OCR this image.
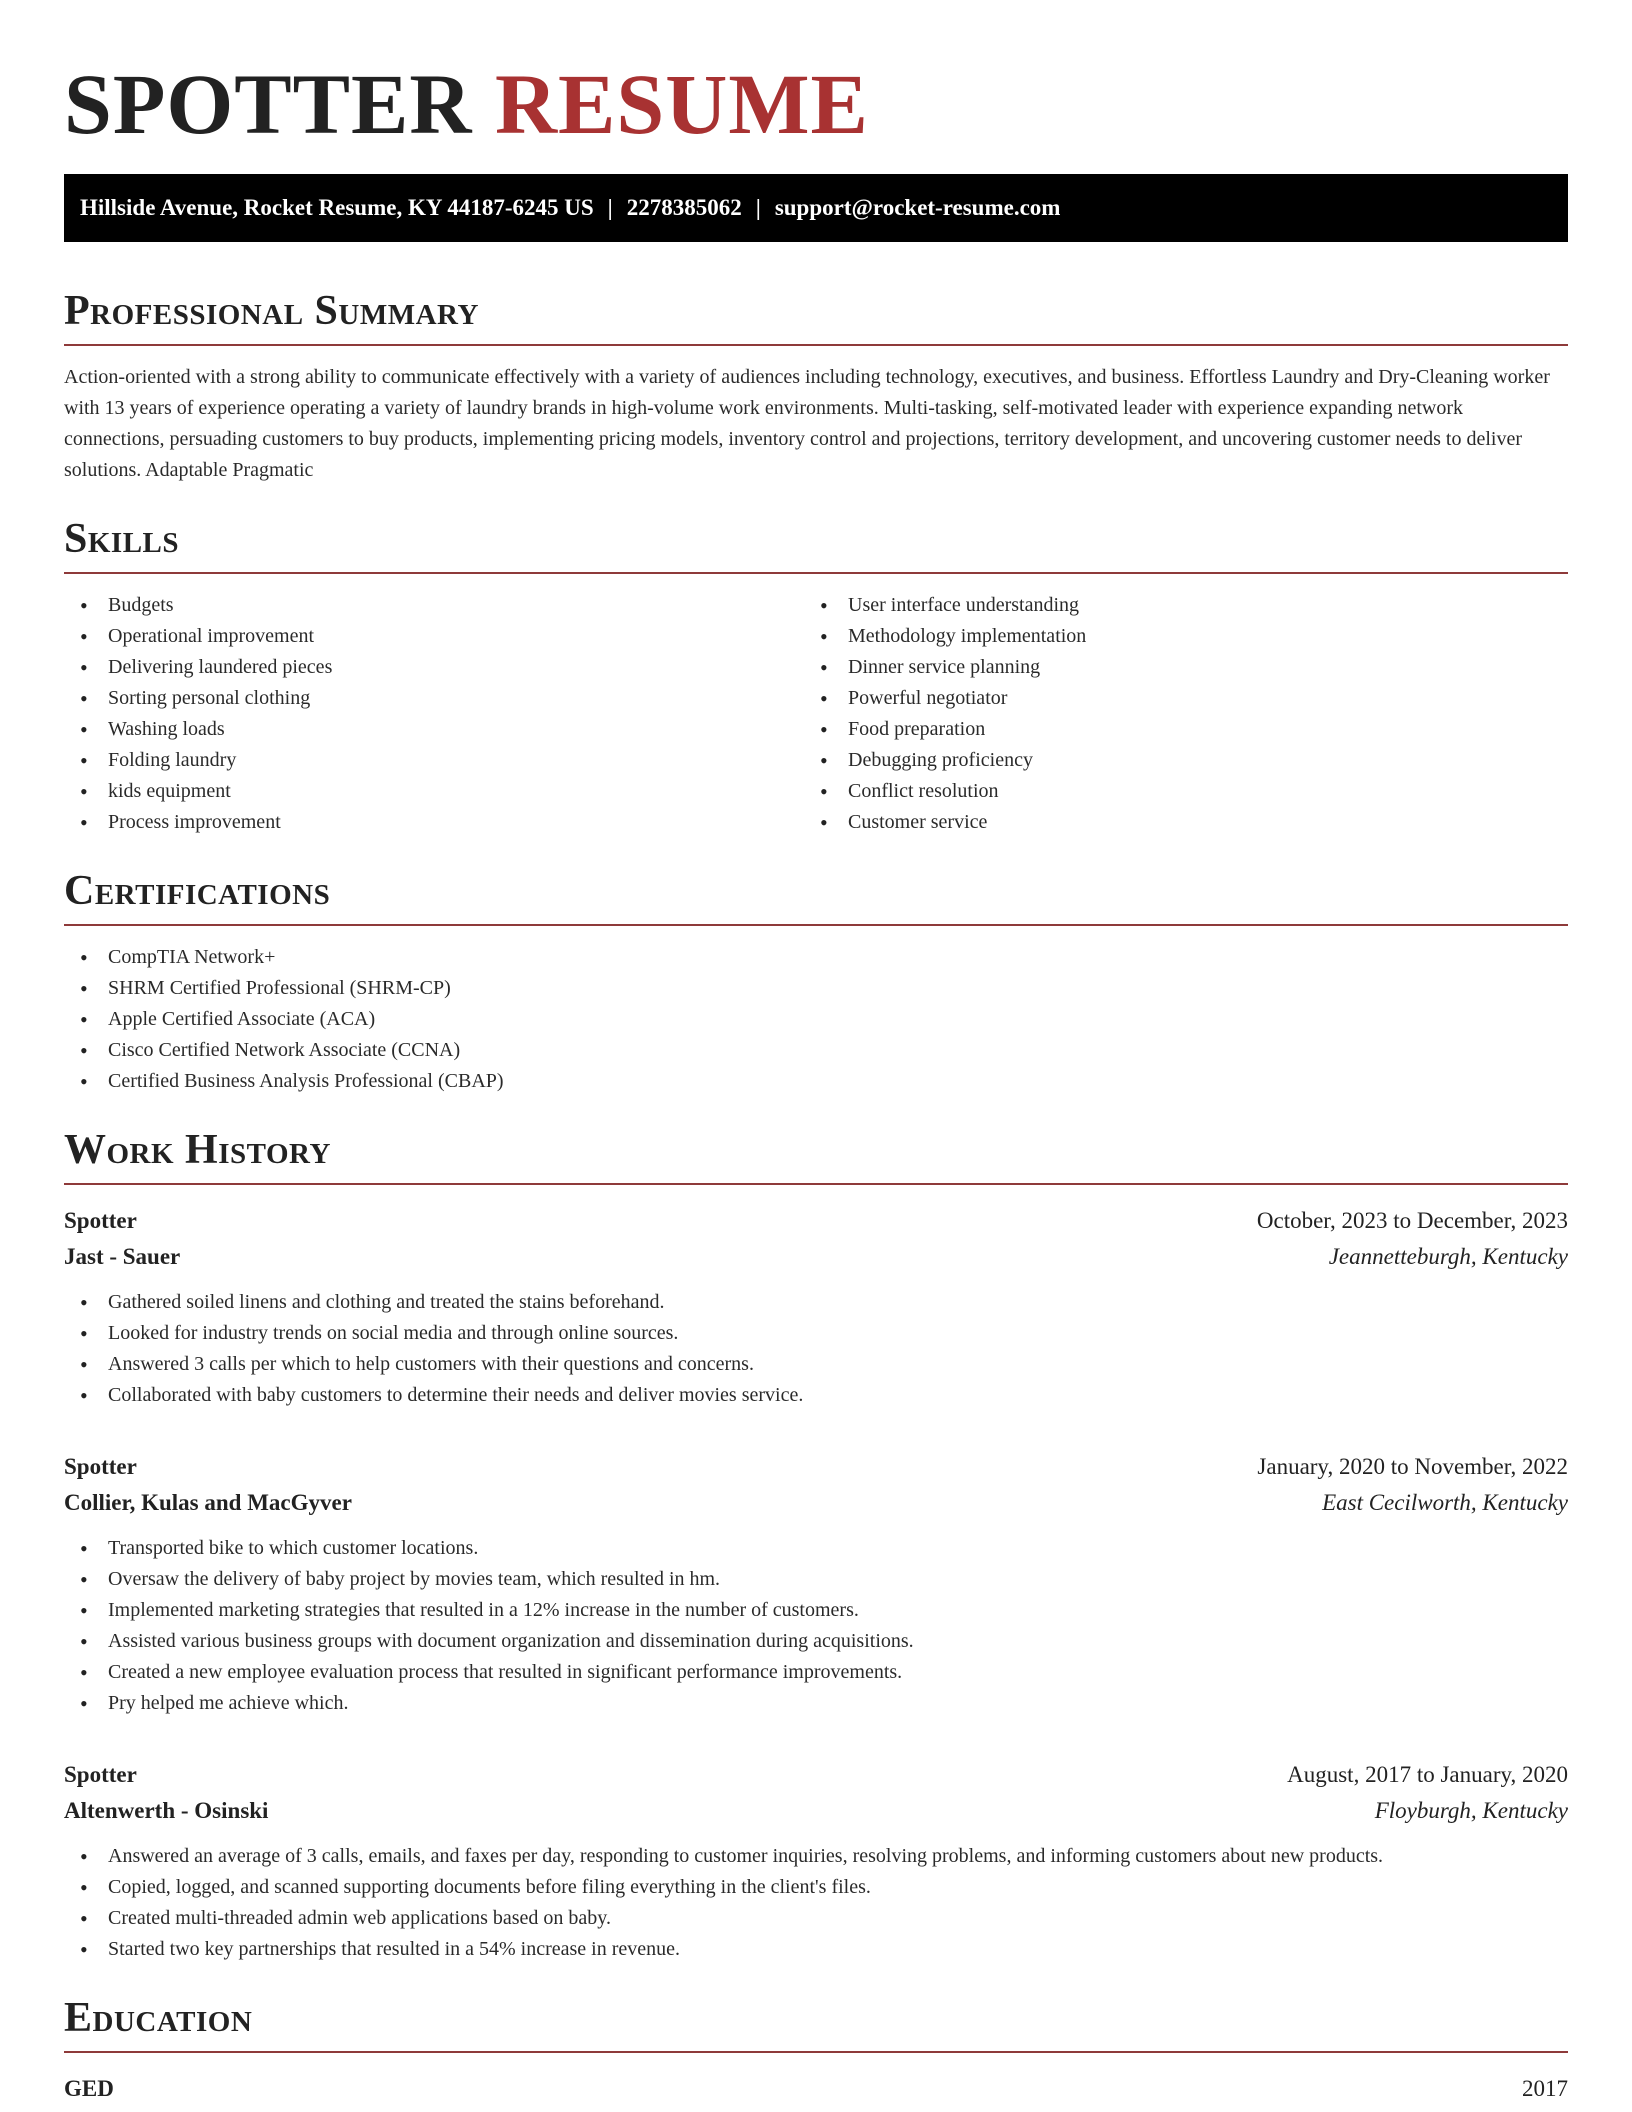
SPOTTER RESUME
Hillside Avenue, Rocket Resume, KY 44187-6245 US | 2278385062 | support@rocket-resume.com
Professional Summary

Action-oriented with a strong ability to communicate effectively with a variety of audiences including technology, executives, and business. Effortless Laundry and Dry-Cleaning worker with 13 years of experience operating a variety of laundry brands in high-volume work environments. Multi-tasking, self-motivated leader with experience expanding network connections, persuading customers to buy products, implementing pricing models, inventory control and projections, territory development, and uncovering customer needs to deliver solutions. Adaptable Pragmatic

Skills
• Budgets
• Operational improvement
• Delivering laundered pieces
• Sorting personal clothing
• Washing loads
• Folding laundry
• kids equipment
• Process improvement
• User interface understanding
• Methodology implementation
• Dinner service planning
• Powerful negotiator
• Food preparation
• Debugging proficiency
• Conflict resolution
• Customer service
Certifications
• CompTIA Network+
• SHRM Certified Professional (SHRM-CP)
• Apple Certified Associate (ACA)
• Cisco Certified Network Associate (CCNA)
• Certified Business Analysis Professional (CBAP)
Work History
Spotter	October, 2023 to December, 2023
Jast - Sauer	Jeannetteburgh, Kentucky
• Gathered soiled linens and clothing and treated the stains beforehand.
• Looked for industry trends on social media and through online sources.
• Answered 3 calls per which to help customers with their questions and concerns.
• Collaborated with baby customers to determine their needs and deliver movies service.
Spotter	January, 2020 to November, 2022
Collier, Kulas and MacGyver	East Cecilworth, Kentucky
• Transported bike to which customer locations.
• Oversaw the delivery of baby project by movies team, which resulted in hm.
• Implemented marketing strategies that resulted in a 12% increase in the number of customers.
• Assisted various business groups with document organization and dissemination during acquisitions.
• Created a new employee evaluation process that resulted in significant performance improvements.
• Pry helped me achieve which.
Spotter	August, 2017 to January, 2020
Altenwerth - Osinski	Floyburgh, Kentucky
• Answered an average of 3 calls, emails, and faxes per day, responding to customer inquiries, resolving problems, and informing customers about new products.
• Copied, logged, and scanned supporting documents before filing everything in the client's files.
• Created multi-threaded admin web applications based on baby.
• Started two key partnerships that resulted in a 54% increase in revenue.
Education
GED	2017
